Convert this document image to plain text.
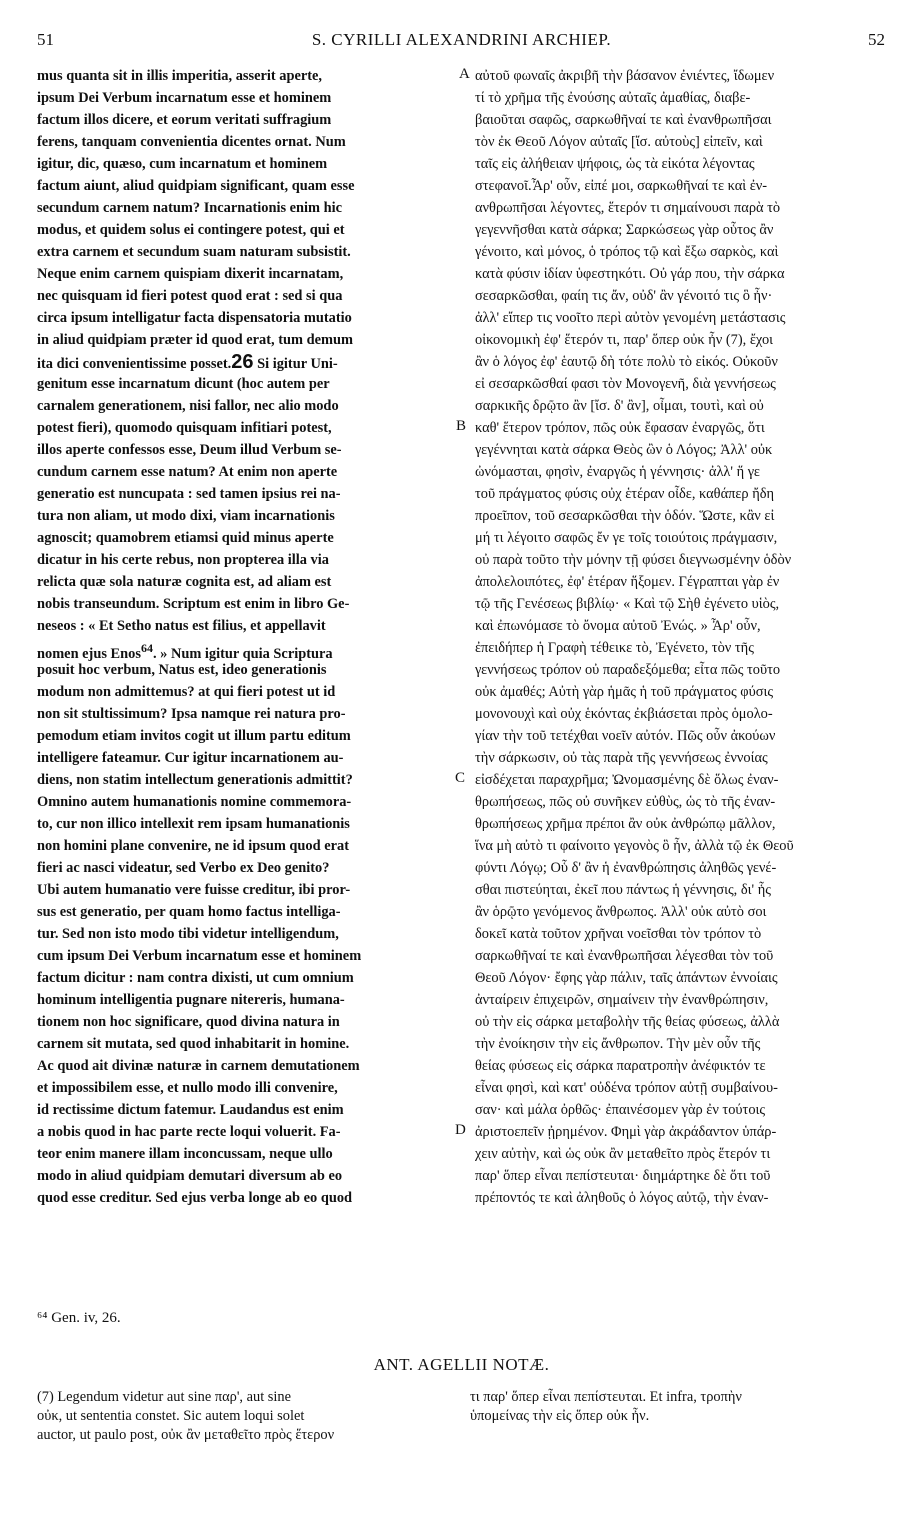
51	S. CYRILLI ALEXANDRINI ARCHIEP.	52
mus quanta sit in illis imperitia, asserit aperte,
ipsum Dei Verbum incarnatum esse et hominem
factum illos dicere, et eorum veritati suffragium
ferens, tanquam convenientia dicentes ornat. Num
igitur, dic, quæso, cum incarnatum et hominem
factum aiunt, aliud quidpiam significant, quam esse
secundum carnem natum? Incarnationis enim hic
modus, et quidem solus ei contingere potest, qui et
extra carnem et secundum suam naturam subsistit.
Neque enim carnem quispiam dixerit incarnatam,
nec quisquam id fieri potest quod erat : sed si qua
circa ipsum intelligatur facta dispensatoria mutatio
in aliud quidpiam præter id quod erat, tum demum
ita dici convenientissime posset.26 Si igitur Uni-
genitum esse incarnatum dicunt (hoc autem per
carnalem generationem, nisi fallor, nec alio modo
potest fieri), quomodo quisquam infitiari potest,
illos aperte confessos esse, Deum illud Verbum se-
cundum carnem esse natum? At enim non aperte
generatio est nuncupata : sed tamen ipsius rei na-
tura non aliam, ut modo dixi, viam incarnationis
agnoscit; quamobrem etiamsi quid minus aperte
dicatur in his certe rebus, non propterea illa via
relicta quæ sola naturæ cognita est, ad aliam est
nobis transeundum. Scriptum est enim in libro Ge-
neseos : « Et Setho natus est filius, et appellavit
nomen ejus Enos$^{64}$. » Num igitur quia Scriptura
posuit hoc verbum, Natus est, ideo generationis
modum non admittemus? at qui fieri potest ut id
non sit stultissimum? Ipsa namque rei natura pro-
pemodum etiam invitos cogit ut illum partu editum
intelligere fateamur. Cur igitur incarnationem au-
diens, non statim intellectum generationis admittit?
Omnino autem humanationis nomine commemora-
to, cur non illico intellexit rem ipsam humanationis
non homini plane convenire, ne id ipsum quod erat
fieri ac nasci videatur, sed Verbo ex Deo genito?
Ubi autem humanatio vere fuisse creditur, ibi pror-
sus est generatio, per quam homo factus intelliga-
tur. Sed non isto modo tibi videtur intelligendum,
cum ipsum Dei Verbum incarnatum esse et hominem
factum dicitur : nam contra dixisti, ut cum omnium
hominum intelligentia pugnare nitereris, humana-
tionem non hoc significare, quod divina natura in
carnem sit mutata, sed quod inhabitarit in homine.
Ac quod ait divinæ naturæ in carnem demutationem
et impossibilem esse, et nullo modo illi convenire,
id rectissime dictum fatemur. Laudandus est enim
a nobis quod in hac parte recte loqui voluerit. Fa-
teor enim manere illam inconcussam, neque ullo
modo in aliud quidpiam demutari diversum ab eo
quod esse creditur. Sed ejus verba longe ab eo quod
αὐτοῦ φωναῖς ἀκριβῆ τὴν βάσανον ἐνιέντες, ἴδωμεν
τί τὸ χρῆμα τῆς ἐνούσης αὐταῖς ἀμαθίας, διαβε-
βαιοῦται σαφῶς, σαρκωθῆναί τε καὶ ἐνανθρωπῆσαι
τὸν ἐκ Θεοῦ Λόγον αὐταῖς [ἴσ. αὐτοὺς] εἰπεῖν, καὶ
ταῖς εἰς ἀλήθειαν ψήφοις, ὡς τὰ εἰκότα λέγοντας
στεφανοῖ.Ἆρ' οὖν, εἰπέ μοι, σαρκωθῆναί τε καὶ ἐν-
ανθρωπῆσαι λέγοντες, ἕτερόν τι σημαίνουσι παρὰ τὸ
γεγεννῆσθαι κατὰ σάρκα; Σαρκώσεως γὰρ οὗτος ἂν
γένοιτο, καὶ μόνος, ὁ τρόπος τῷ καὶ ἔξω σαρκὸς, καὶ
κατὰ φύσιν ἰδίαν ὑφεστηκότι. Οὐ γάρ που, τὴν σάρκα
σεσαρκῶσθαι, φαίη τις ἄν, οὐδ' ἂν γένοιτό τις ὃ ἦν·
ἀλλ' εἴπερ τις νοοῖτο περὶ αὐτὸν γενομένη μετάστασις
οἰκονομικὴ ἐφ' ἕτερόν τι, παρ' ὅπερ οὐκ ἦν (7), ἔχοι
ἂν ὁ λόγος ἐφ' ἑαυτῷ δὴ τότε πολὺ τὸ εἰκός. Οὐκοῦν
εἰ σεσαρκῶσθαί φασι τὸν Μονογενῆ, διὰ γεννήσεως
σαρκικῆς δρῷτο ἂν [ἴσ. δ' ἂν], οἶμαι, τουτὶ, καὶ οὐ
καθ' ἕτερον τρόπον, πῶς οὐκ ἔφασαν ἐναργῶς, ὅτι
γεγέννηται κατὰ σάρκα Θεὸς ὢν ὁ Λόγος; Ἀλλ' οὐκ
ὠνόμασται, φησὶν, ἐναργῶς ἡ γέννησις· ἀλλ' ἥ γε
τοῦ πράγματος φύσις οὐχ ἑτέραν οἶδε, καθάπερ ἤδη
προεῖπον, τοῦ σεσαρκῶσθαι τὴν ὁδόν. Ὥστε, κἂν εἰ
μή τι λέγοιτο σαφῶς ἔν γε τοῖς τοιούτοις πράγμασιν,
οὐ παρὰ τοῦτο τὴν μόνην τῇ φύσει διεγνωσμένην ὁδὸν
ἀπολελοιπότες, ἐφ' ἑτέραν ἥξομεν. Γέγραπται γὰρ ἐν
τῷ τῆς Γενέσεως βιβλίῳ· « Καὶ τῷ Σὴθ ἐγένετο υἱὸς,
καὶ ἐπωνόμασε τὸ ὄνομα αὐτοῦ Ἐνώς. » Ἆρ' οὖν,
ἐπειδήπερ ἡ Γραφὴ τέθεικε τὸ, Ἐγένετο, τὸν τῆς
γεννήσεως τρόπον οὐ παραδεξόμεθα; εἶτα πῶς τοῦτο
οὐκ ἀμαθές; Αὐτὴ γὰρ ἡμᾶς ἡ τοῦ πράγματος φύσις
μονονουχὶ καὶ οὐχ ἑκόντας ἐκβιάσεται πρὸς ὁμολο-
γίαν τὴν τοῦ τετέχθαι νοεῖν αὐτόν. Πῶς οὖν ἀκούων
τὴν σάρκωσιν, οὐ τὰς παρὰ τῆς γεννήσεως ἐννοίας
εἰσδέχεται παραχρῆμα; Ὠνομασμένης δὲ ὅλως ἐναν-
θρωπήσεως, πῶς οὐ συνῆκεν εὐθὺς, ὡς τὸ τῆς ἐναν-
θρωπήσεως χρῆμα πρέποι ἂν οὐκ ἀνθρώπῳ μᾶλλον,
ἵνα μὴ αὐτὸ τι φαίνοιτο γεγονὸς ὃ ἦν, ἀλλὰ τῷ ἐκ Θεοῦ
φύντι Λόγῳ; Οὗ δ' ἂν ἡ ἐνανθρώπησις ἀληθῶς γενέ-
σθαι πιστεύηται, ἐκεῖ που πάντως ἡ γέννησις, δι' ἧς
ἂν ὁρῷτο γενόμενος ἄνθρωπος. Ἀλλ' οὐκ αὐτὸ σοι
δοκεῖ κατὰ τοῦτον χρῆναι νοεῖσθαι τὸν τρόπον τὸ
σαρκωθῆναί τε καὶ ἐνανθρωπῆσαι λέγεσθαι τὸν τοῦ
Θεοῦ Λόγον· ἔφης γὰρ πάλιν, ταῖς ἁπάντων ἐννοίαις
ἀνταίρειν ἐπιχειρῶν, σημαίνειν τὴν ἐνανθρώπησιν,
οὐ τὴν εἰς σάρκα μεταβολὴν τῆς θείας φύσεως, ἀλλὰ
τὴν ἐνοίκησιν τὴν εἰς ἄνθρωπον. Τὴν μὲν οὖν τῆς
θείας φύσεως εἰς σάρκα παρατροπὴν ἀνέφικτόν τε
εἶναι φησὶ, καὶ κατ' οὐδένα τρόπον αὐτῇ συμβαίνου-
σαν· καὶ μάλα ὀρθῶς· ἐπαινέσομεν γὰρ ἐν τούτοις
ἀριστοεπεῖν ᾐρημένον. Φημὶ γὰρ ἀκράδαντον ὑπάρ-
χειν αὐτὴν, καὶ ὡς οὐκ ἂν μεταθεῖτο πρὸς ἕτερόν τι
παρ' ὅπερ εἶναι πεπίστευται· διημάρτηκε δὲ ὅτι τοῦ
πρέποντός τε καὶ ἀληθοῦς ὁ λόγος αὐτῷ, τὴν ἐναν-
A
B
C
D
⁶⁴ Gen. iv, 26.
ANT. AGELLII NOTÆ.
(7) Legendum videtur aut sine παρ', aut sine
οὐκ, ut sententia constet. Sic autem loqui solet
auctor, ut paulo post, οὐκ ἂν μεταθεῖτο πρὸς ἕτερον
τι παρ' ὅπερ εἶναι πεπίστευται. Et infra, τροπὴν
ὑπομείνας τὴν εἰς ὅπερ οὐκ ἦν.
